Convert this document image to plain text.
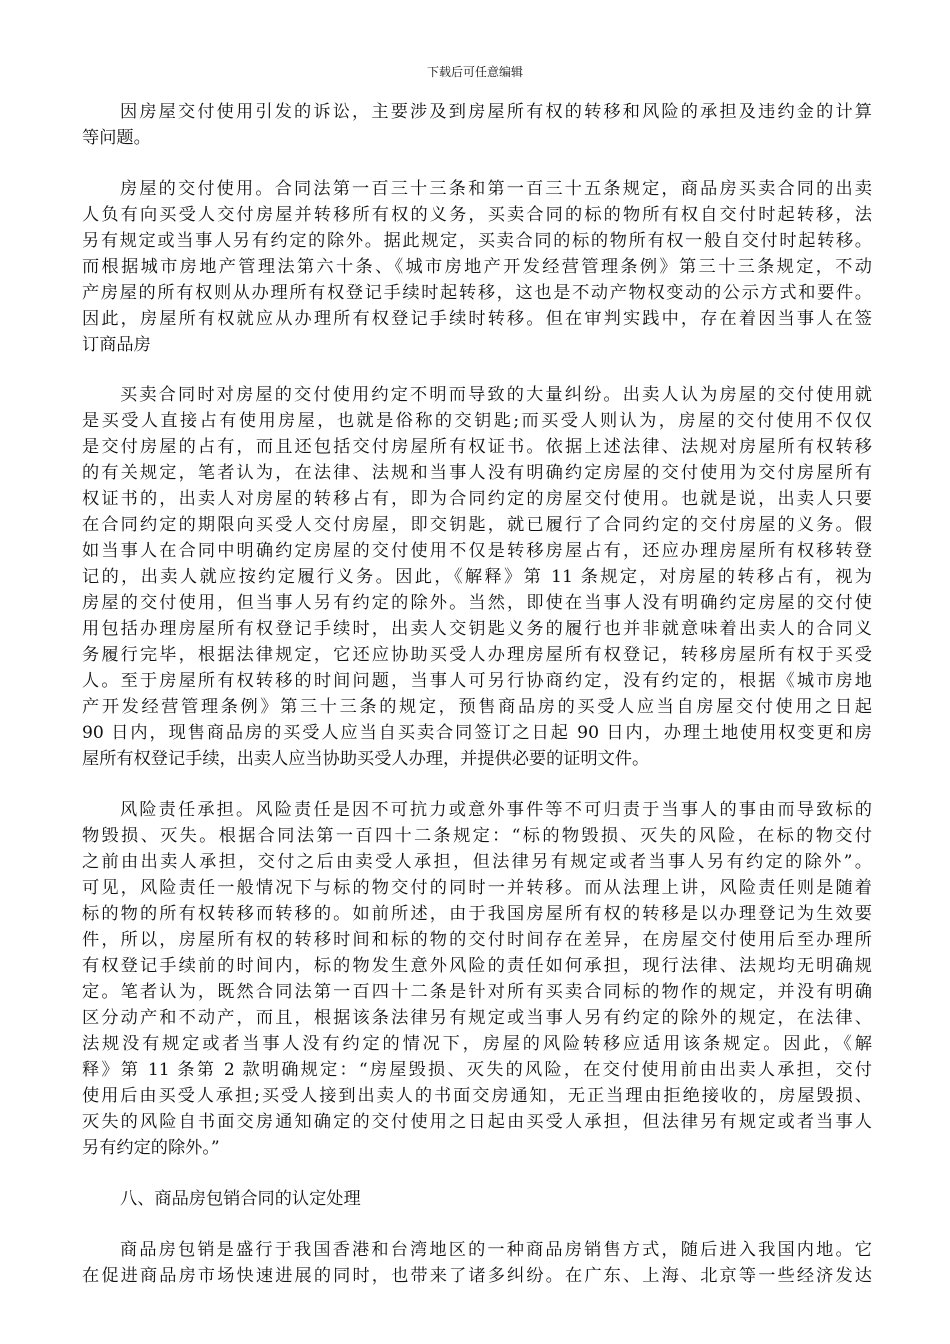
下载后可任意编辑
因房屋交付使用引发的诉讼，主要涉及到房屋所有权的转移和风险的承担及违约金的计算
等问题。
房屋的交付使用。合同法第一百三十三条和第一百三十五条规定，商品房买卖合同的出卖
人负有向买受人交付房屋并转移所有权的义务，买卖合同的标的物所有权自交付时起转移，法
另有规定或当事人另有约定的除外。据此规定，买卖合同的标的物所有权一般自交付时起转移。
而根据城市房地产管理法第六十条、《城市房地产开发经营管理条例》第三十三条规定，不动
产房屋的所有权则从办理所有权登记手续时起转移，这也是不动产物权变动的公示方式和要件。
因此，房屋所有权就应从办理所有权登记手续时转移。但在审判实践中，存在着因当事人在签
订商品房
买卖合同时对房屋的交付使用约定不明而导致的大量纠纷。出卖人认为房屋的交付使用就
是买受人直接占有使用房屋，也就是俗称的交钥匙;而买受人则认为，房屋的交付使用不仅仅
是交付房屋的占有，而且还包括交付房屋所有权证书。依据上述法律、法规对房屋所有权转移
的有关规定，笔者认为，在法律、法规和当事人没有明确约定房屋的交付使用为交付房屋所有
权证书的，出卖人对房屋的转移占有，即为合同约定的房屋交付使用。也就是说，出卖人只要
在合同约定的期限向买受人交付房屋，即交钥匙，就已履行了合同约定的交付房屋的义务。假
如当事人在合同中明确约定房屋的交付使用不仅是转移房屋占有，还应办理房屋所有权移转登
记的，出卖人就应按约定履行义务。因此，《解释》第 11 条规定，对房屋的转移占有，视为
房屋的交付使用，但当事人另有约定的除外。当然，即使在当事人没有明确约定房屋的交付使
用包括办理房屋所有权登记手续时，出卖人交钥匙义务的履行也并非就意味着出卖人的合同义
务履行完毕，根据法律规定，它还应协助买受人办理房屋所有权登记，转移房屋所有权于买受
人。至于房屋所有权转移的时间问题，当事人可另行协商约定，没有约定的，根据《城市房地
产开发经营管理条例》第三十三条的规定，预售商品房的买受人应当自房屋交付使用之日起
90 日内，现售商品房的买受人应当自买卖合同签订之日起 90 日内，办理土地使用权变更和房
屋所有权登记手续，出卖人应当协助买受人办理，并提供必要的证明文件。
风险责任承担。风险责任是因不可抗力或意外事件等不可归责于当事人的事由而导致标的
物毁损、灭失。根据合同法第一百四十二条规定：“标的物毁损、灭失的风险，在标的物交付
之前由出卖人承担，交付之后由卖受人承担，但法律另有规定或者当事人另有约定的除外”。
可见，风险责任一般情况下与标的物交付的同时一并转移。而从法理上讲，风险责任则是随着
标的物的所有权转移而转移的。如前所述，由于我国房屋所有权的转移是以办理登记为生效要
件，所以，房屋所有权的转移时间和标的物的交付时间存在差异，在房屋交付使用后至办理所
有权登记手续前的时间内，标的物发生意外风险的责任如何承担，现行法律、法规均无明确规
定。笔者认为，既然合同法第一百四十二条是针对所有买卖合同标的物作的规定，并没有明确
区分动产和不动产，而且，根据该条法律另有规定或当事人另有约定的除外的规定，在法律、
法规没有规定或者当事人没有约定的情况下，房屋的风险转移应适用该条规定。因此，《解
释》第 11 条第 2 款明确规定：“房屋毁损、灭失的风险，在交付使用前由出卖人承担，交付
使用后由买受人承担;买受人接到出卖人的书面交房通知，无正当理由拒绝接收的，房屋毁损、
灭失的风险自书面交房通知确定的交付使用之日起由买受人承担，但法律另有规定或者当事人
另有约定的除外。”
八、商品房包销合同的认定处理
商品房包销是盛行于我国香港和台湾地区的一种商品房销售方式，随后进入我国内地。它
在促进商品房市场快速进展的同时，也带来了诸多纠纷。在广东、上海、北京等一些经济发达
